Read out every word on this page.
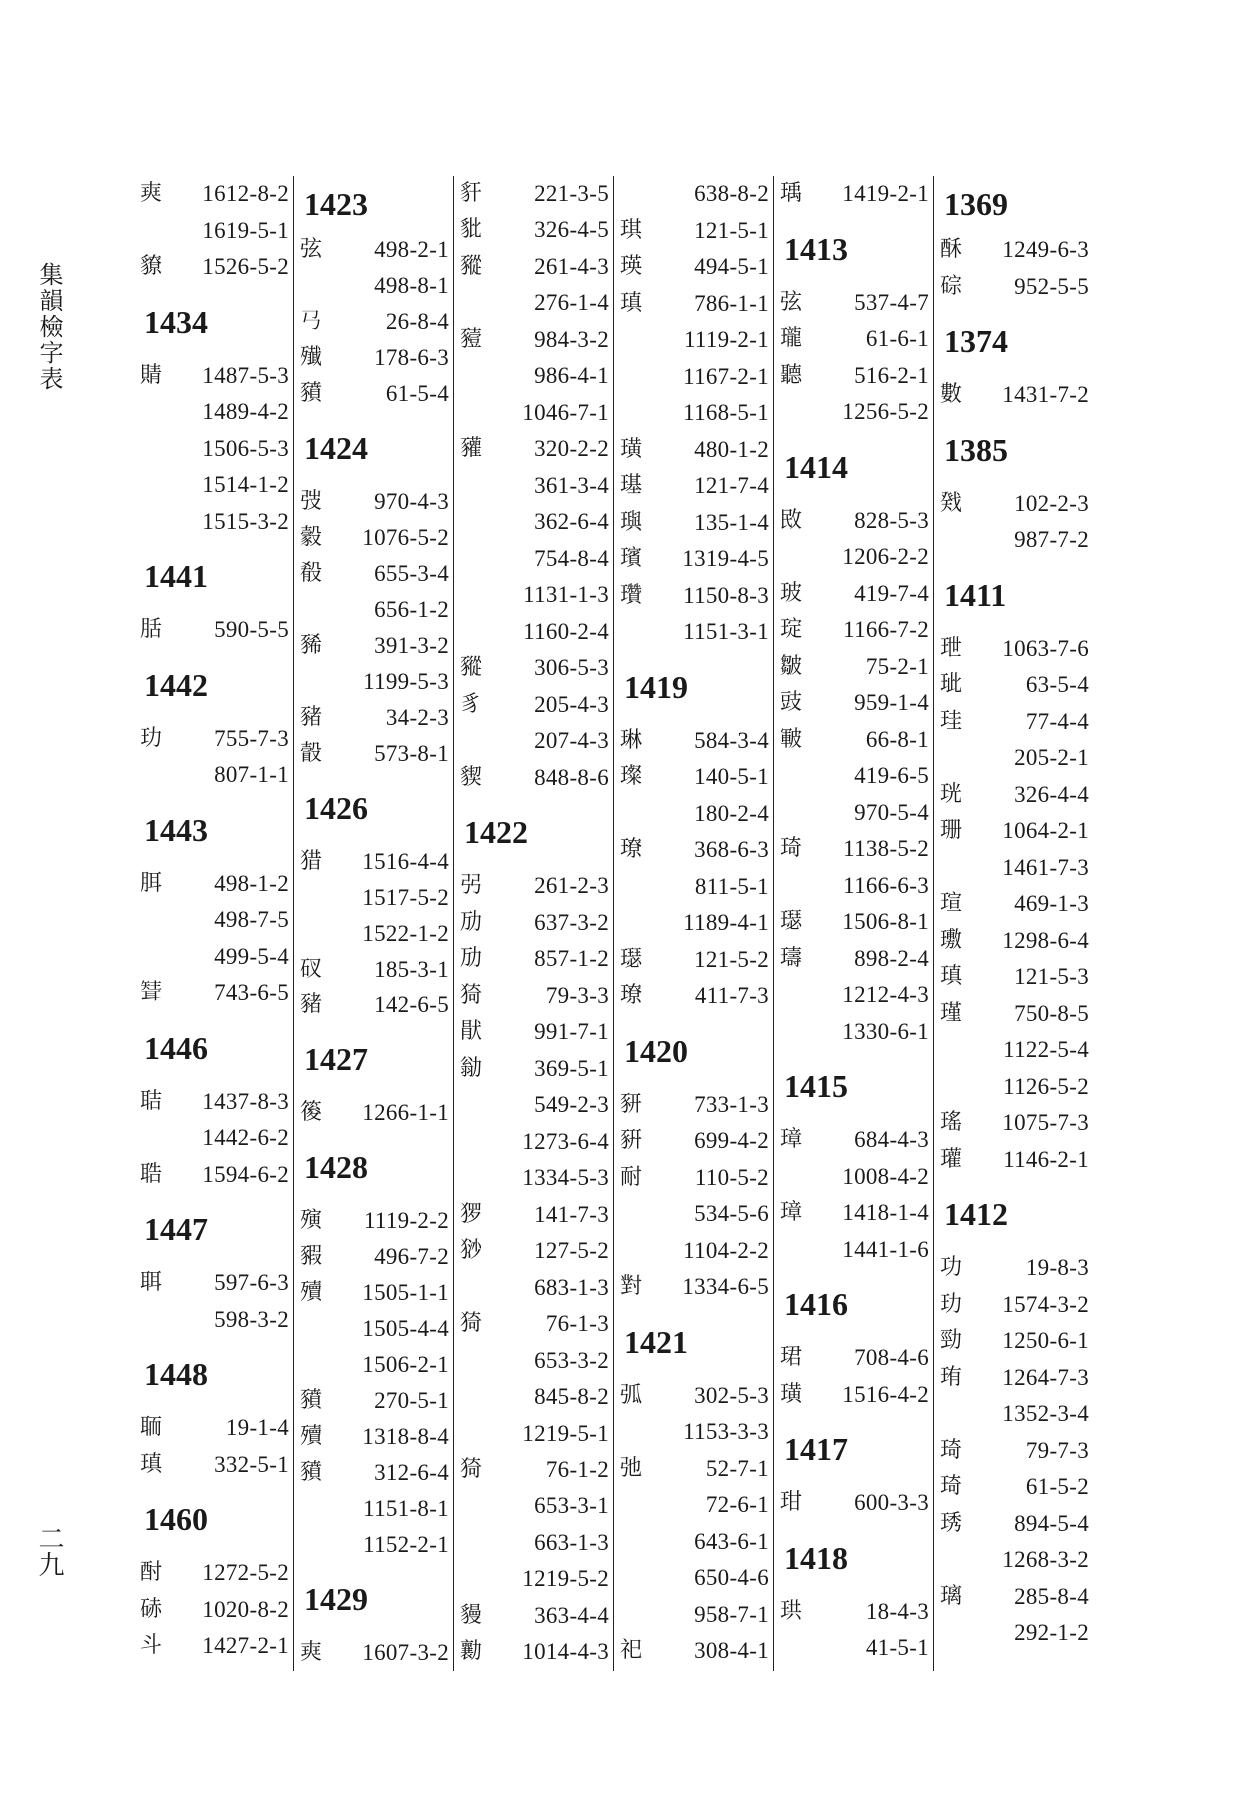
集韻檢字表
二九
㻎 1612-8-2
1619-5-1
䝤 1526-5-2
1434
䝼 1487-5-3
1489-4-2
1506-5-3
1514-1-2
1515-3-2
1441
䏦 590-5-5
1442
玏 755-7-3
807-1-1
1443
䏪 498-1-2
498-7-5
499-5-4
𦗊 743-6-5
1446
聐 1437-8-3
1442-6-2
聕 1594-6-2
1447
聑 597-6-3
598-3-2
1448
聏	19-1-4
瑱 332-5-1
1460
酎 1272-5-2
硳 1020-8-2
斗 1427-2-1
1423
弦 498-2-1
498-8-1
𢎘	26-8-4
殱 178-6-3
豶	61-5-4
1424
弢 970-4-3
豰 1076-5-2
殽 655-3-4
656-1-2
豨 391-3-2
1199-5-3
豬	34-2-3
瞉 573-8-1
1426
猎 1516-4-4
1517-5-2
1522-1-2
䂘 185-3-1
豬 142-6-5
1427
䈗 1266-1-1
1428
殥 1119-2-2
豭 496-7-2
殰 1505-1-1
1505-4-4
1506-2-1
豶 270-5-1
殰 1318-8-4
豶 312-6-4
1151-8-1
1152-2-1
1429
㻎 1607-3-2
豻 221-3-5
豼 326-4-5
豵 261-4-3
276-1-4
豷 984-3-2
986-4-1
1046-7-1
䝔 320-2-2
361-3-4
362-6-4
754-8-4
1131-1-3
1160-2-4
豵 306-5-3
豸 205-4-3
207-4-3
䝟 848-8-6
1422
弜 261-2-3
劢 637-3-2
劢 857-1-2
猗	79-3-3
猒 991-7-1
勜 369-5-1
549-2-3
1273-6-4
1334-5-3
猡 141-7-3
猀 127-5-2
683-1-3
猗	76-1-3
653-3-2
845-8-2
1219-5-1
猗	76-1-2
653-3-1
663-1-3
1219-5-2
䝢 363-4-4
勷 1014-4-3
638-8-2
琪 121-5-1
瑛 494-5-1
瑱 786-1-1
1119-2-1
1167-2-1
1168-5-1
璜 480-1-2
璂 121-7-4
璵 135-1-4
璸 1319-4-5
瓚 1150-8-3
1151-3-1
1419
琳 584-3-4
璨 140-5-1
180-2-4
璙 368-6-3
811-5-1
1189-4-1
璱 121-5-2
璙 411-7-3
1420
豜 733-1-3
豣 699-4-2
耐 110-5-2
534-5-6
1104-2-2
對 1334-6-5
1421
弧 302-5-3
1153-3-3
弛	52-7-1
72-6-1
643-6-1
650-4-6
958-7-1
祀 308-4-1
瑀 1419-2-1
1413
弦 537-4-7
瓏	61-6-1
聽 516-2-1
1256-5-2
1414
敃 828-5-3
1206-2-2
玻 419-7-4
琔 1166-7-2
皺	75-2-1
豉 959-1-4
皸	66-8-1
419-6-5
970-5-4
琦 1138-5-2
1166-6-3
璱 1506-8-1
璹 898-2-4
1212-4-3
1330-6-1
1415
璋 684-4-3
1008-4-2
璋 1418-1-4
1441-1-6
1416
珺 708-4-6
璜 1516-4-2
1417
玵 600-3-3
1418
珙	18-4-3
41-5-1
1369
酥 1249-6-3
碂 952-5-5
1374
數 1431-7-2
1385
戣 102-2-3
987-7-2
1411
玴 1063-7-6
玼	63-5-4
珪	77-4-4
205-2-1
珖 326-4-4
珊 1064-2-1
1461-7-3
瑄 469-1-3
璷 1298-6-4
瑱 121-5-3
瑾 750-8-5
1122-5-4
1126-5-2
瑤 1075-7-3
瓘 1146-2-1
1412
功	19-8-3
玏 1574-3-2
勁 1250-6-1
珛 1264-7-3
1352-3-4
琦	79-7-3
琦	61-5-2
琇 894-5-4
1268-3-2
璃 285-8-4
292-1-2
